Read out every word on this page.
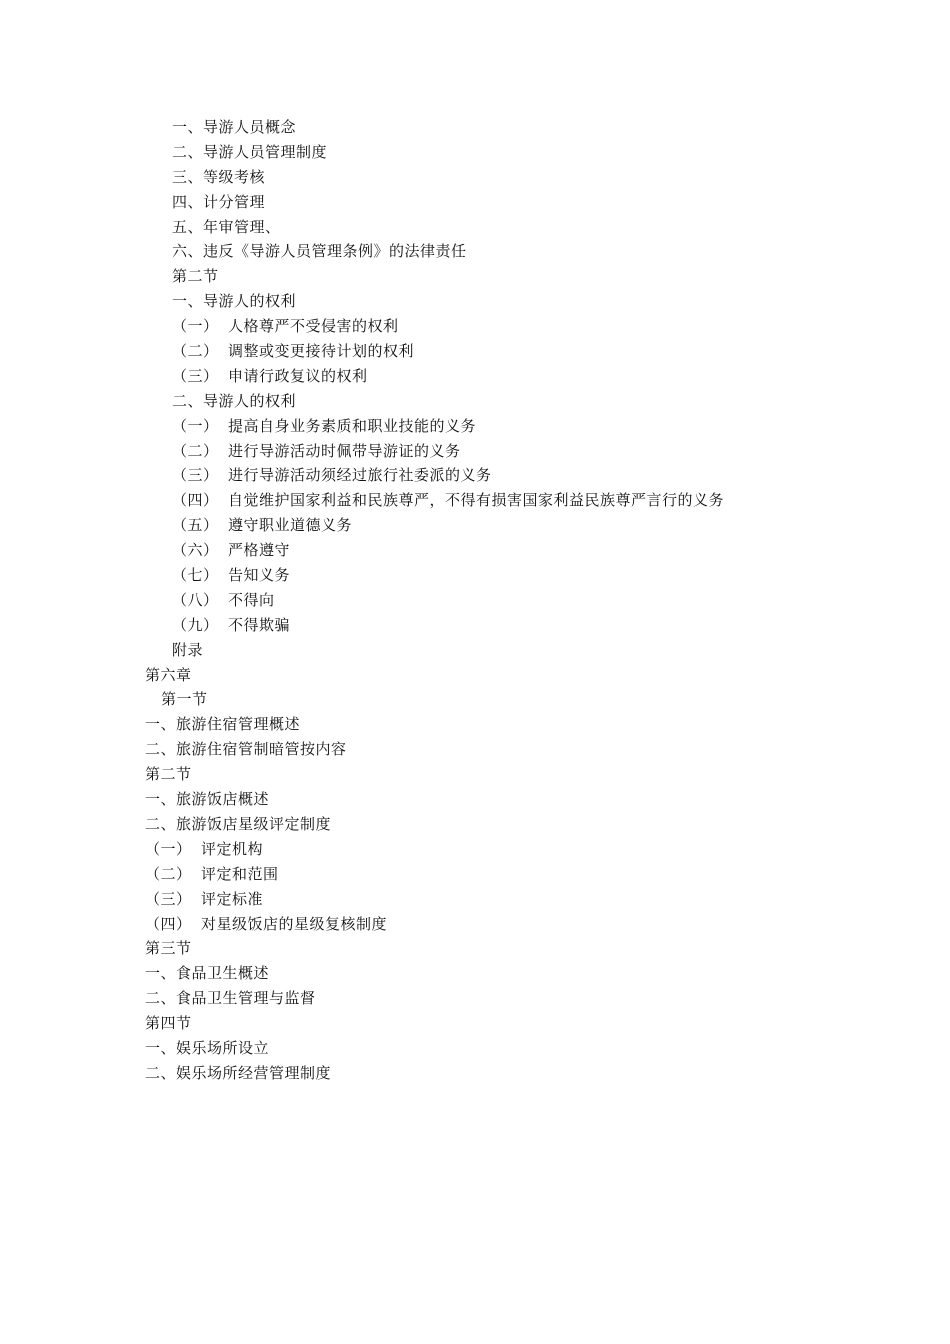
一、导游人员概念
二、导游人员管理制度
三、等级考核
四、计分管理
五、年审管理、
六、违反《导游人员管理条例》的法律责任
第二节
一、导游人的权利
（一） 人格尊严不受侵害的权利
（二） 调整或变更接待计划的权利
（三） 申请行政复议的权利
二、导游人的权利
（一） 提高自身业务素质和职业技能的义务
（二） 进行导游活动时佩带导游证的义务
（三） 进行导游活动须经过旅行社委派的义务
（四） 自觉维护国家利益和民族尊严，不得有损害国家利益民族尊严言行的义务
（五） 遵守职业道德义务
（六） 严格遵守
（七） 告知义务
（八） 不得向
（九） 不得欺骗
附录
第六章
第一节
一、旅游住宿管理概述
二、旅游住宿管制暗管按内容
第二节
一、旅游饭店概述
二、旅游饭店星级评定制度
（一） 评定机构
（二） 评定和范围
（三） 评定标准
（四） 对星级饭店的星级复核制度
第三节
一、食品卫生概述
二、食品卫生管理与监督
第四节
一、娱乐场所设立
二、娱乐场所经营管理制度
